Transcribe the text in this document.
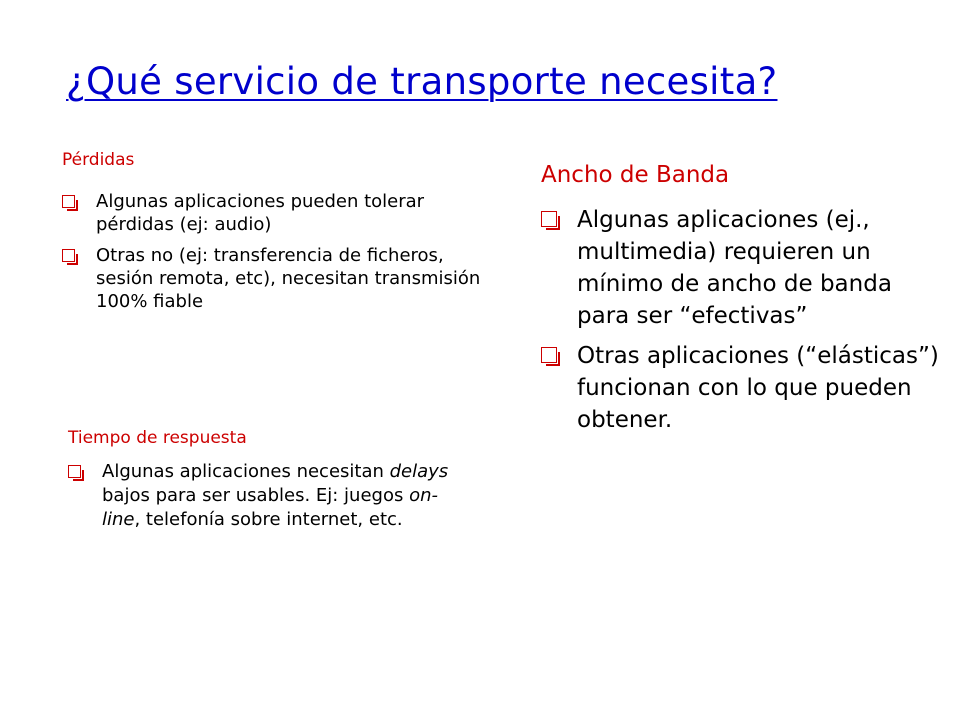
¿Qué servicio de transporte necesita?
Pérdidas
Algunas aplicaciones pueden tolerar pérdidas (ej: audio)
Otras no (ej: transferencia de ficheros, sesión remota, etc), necesitan transmisión 100% fiable
Tiempo de respuesta
Algunas aplicaciones necesitan delays bajos para ser usables. Ej: juegos on-line, telefonía sobre internet, etc.
Ancho de Banda
Algunas aplicaciones (ej., multimedia) requieren un mínimo de ancho de banda para ser “efectivas”
Otras aplicaciones (“elásticas”) funcionan con lo que pueden obtener.
